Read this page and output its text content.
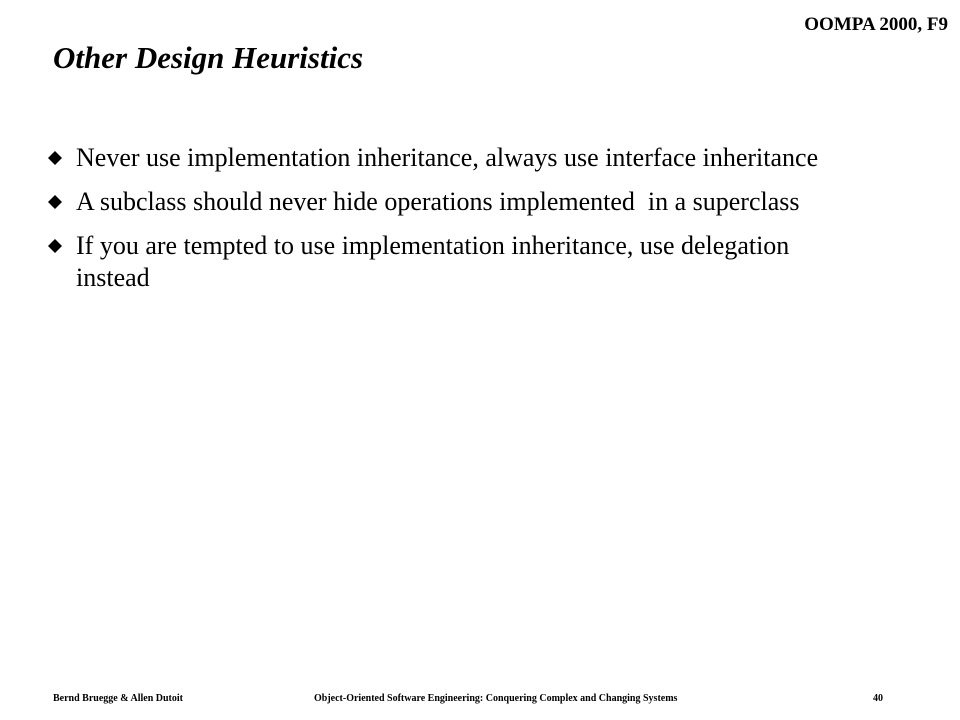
OOMPA 2000, F9
Other Design Heuristics
Never use implementation inheritance, always use interface inheritance
A subclass should never hide operations implemented  in a superclass
If you are tempted to use implementation inheritance, use delegation instead
Bernd Bruegge & Allen Dutoit	Object-Oriented Software Engineering: Conquering Complex and Changing Systems	40
